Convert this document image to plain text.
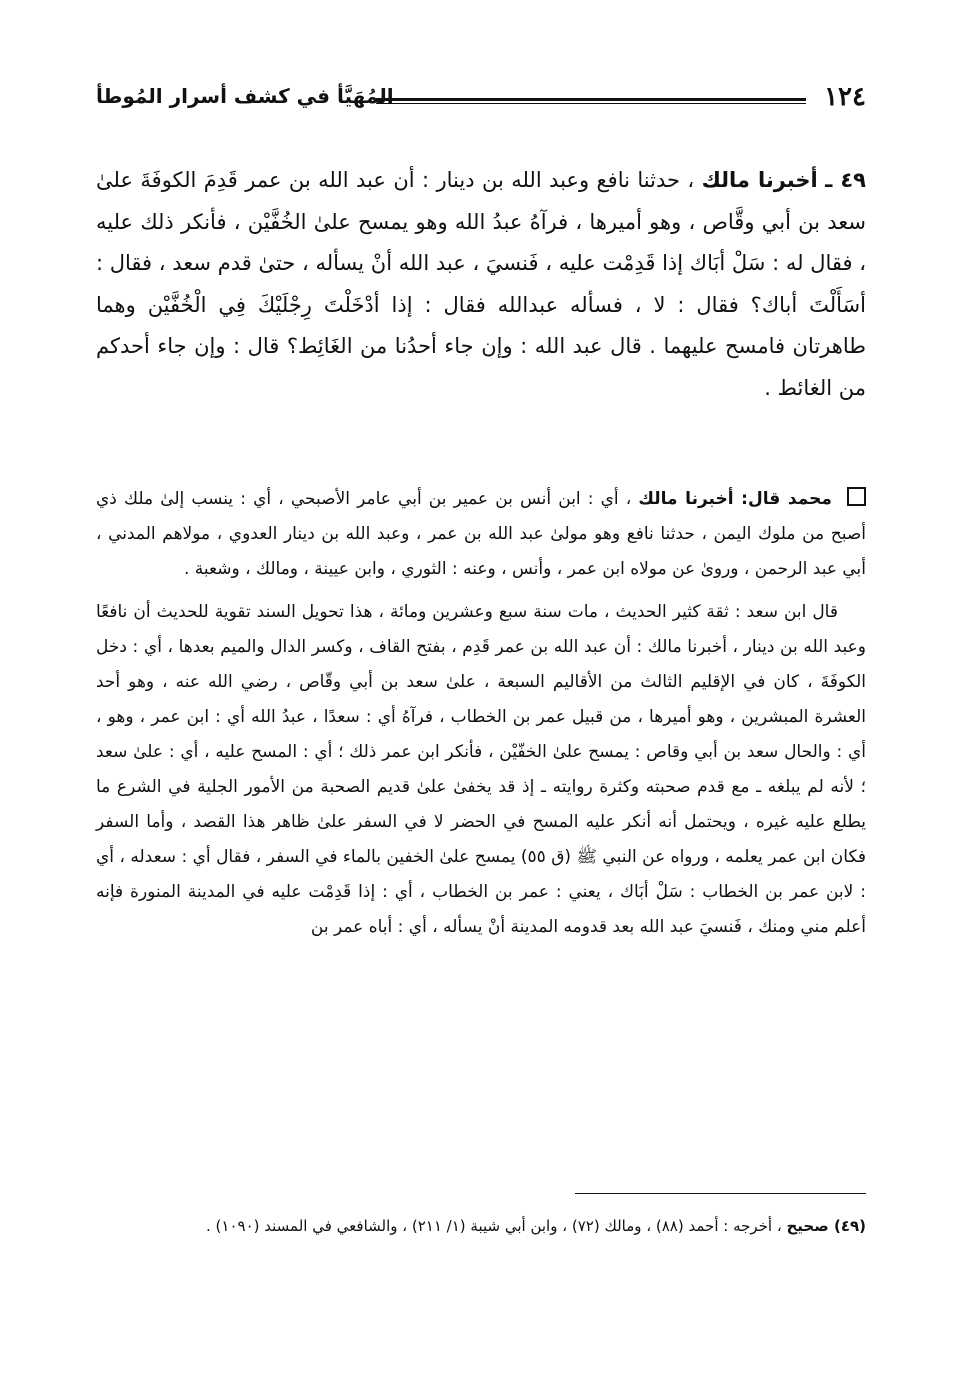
١٢٤
المُهَيَّأ في كشف أسرار المُوطأ
٤٩ ـ أخبرنا مالك ، حدثنا نافع وعبد الله بن دينار : أن عبد الله بن عمر قَدِمَ الكوفَةَ علىٰ سعد بن أبي وقَّاص ، وهو أميرها ، فرآهُ عبدُ الله وهو يمسح علىٰ الخُفَّيْن ، فأنكر ذلك عليه ، فقال له : سَلْ أبَاك إذا قَدِمْت عليه ، فَنسيَ ، عبد الله أنْ يسأله ، حتىٰ قدم سعد ، فقال : أسَأَلْتَ أباك؟ فقال : لا ، فسأله عبدالله فقال : إذا أدْخَلْتَ رِجْلَيْكَ فِي الْخُفَّيْن وهما طاهرتان فامسح عليهما . قال عبد الله : وإن جاء أحدُنا من الغَائِط؟ قال : وإن جاء أحدكم من الغائط .

محمد قال: أخبرنا مالك ، أي : ابن أنس بن عمير بن أبي عامر الأصبحي ، أي : ينسب إلىٰ ملك ذي أصبح من ملوك اليمن ، حدثنا نافع وهو مولىٰ عبد الله بن عمر ، وعبد الله بن دينار العدوي ، مولاهم المدني ، أبي عبد الرحمن ، وروىٰ عن مولاه ابن عمر ، وأنس ، وعنه : الثوري ، وابن عيينة ، ومالك ، وشعبة .

قال ابن سعد : ثقة كثير الحديث ، مات سنة سبع وعشرين ومائة ، هذا تحويل السند تقوية للحديث أن نافعًا وعبد الله بن دينار ، أخبرنا مالك : أن عبد الله بن عمر قَدِم ، بفتح القاف ، وكسر الدال والميم بعدها ، أي : دخل الكوفَةَ ، كان في الإقليم الثالث من الأقاليم السبعة ، علىٰ سعد بن أبي وقّاص ، رضي الله عنه ، وهو أحد العشرة المبشرين ، وهو أميرها ، من قبيل عمر بن الخطاب ، فرآهُ أي : سعدًا ، عبدُ الله أي : ابن عمر ، وهو ، أي : والحال سعد بن أبي وقاص : يمسح علىٰ الخفّيْن ، فأنكر ابن عمر ذلك ؛ أي : المسح عليه ، أي : علىٰ سعد ؛ لأنه لم يبلغه ـ مع قدم صحبته وكثرة روايته ـ إذ قد يخفىٰ علىٰ قديم الصحبة من الأمور الجلية في الشرع ما يطلع عليه غيره ، ويحتمل أنه أنكر عليه المسح في الحضر لا في السفر علىٰ ظاهر هذا القصد ، وأما السفر فكان ابن عمر يعلمه ، ورواه عن النبي ﷺ (ق ٥٥) يمسح علىٰ الخفين بالماء في السفر ، فقال أي : سعدله ، أي : لابن عمر بن الخطاب : سَلْ أبَاك ، يعني : عمر بن الخطاب ، أي : إذا قَدِمْت عليه في المدينة المنورة فإنه أعلم مني ومنك ، فَنسيَ عبد الله بعد قدومه المدينة أنْ يسأله ، أي : أباه عمر بن

(٤٩) صحيح ، أخرجه : أحمد (٨٨) ، ومالك (٧٢) ، وابن أبي شيبة (١/ ٢١١) ، والشافعي في المسند (١٠٩٠) .
